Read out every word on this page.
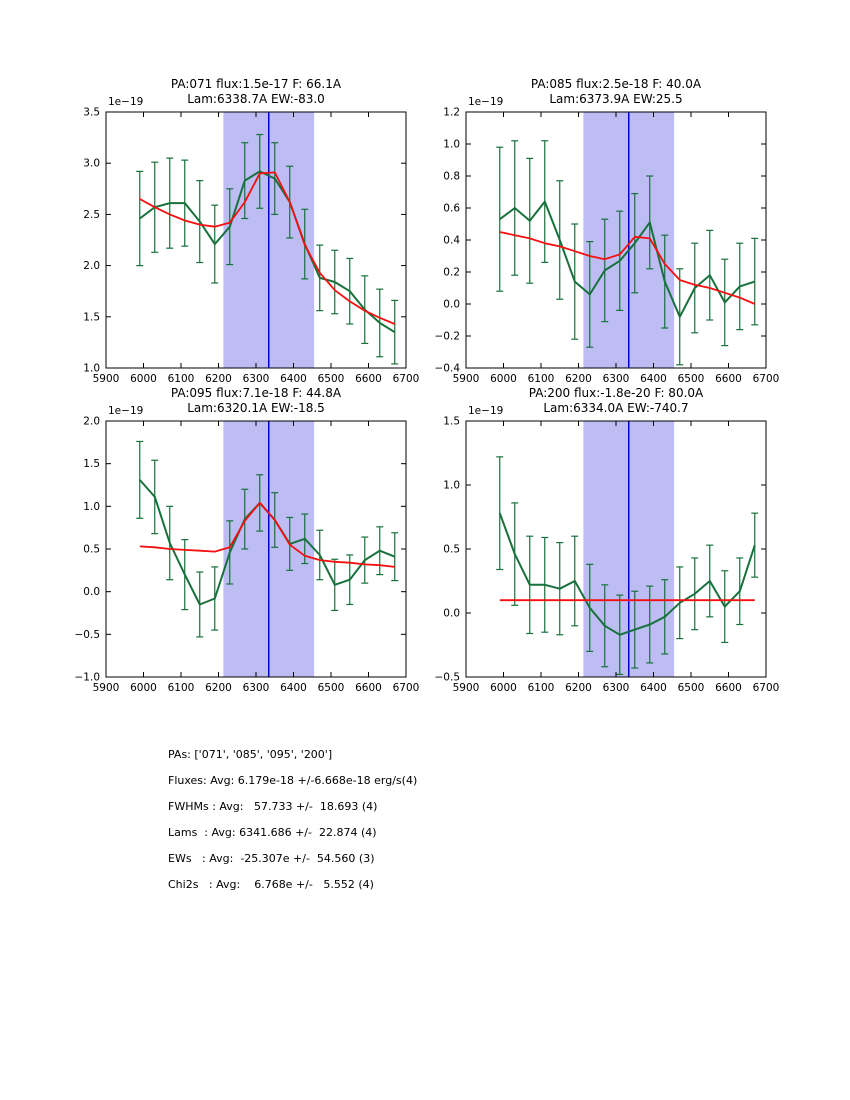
5900 6000 6100 6200 6300 6400 6500 6600 6700
1.0
1.5
2.0
2.5
3.0
3.5
PA:071 flux:1.5e-17 F: 66.1A
Lam:6338.7A EW:-83.0
1e−19
5900 6000 6100 6200 6300 6400 6500 6600 6700
−0.4
−0.2
0.0
0.2
0.4
0.6
0.8
1.0
1.2
PA:085 flux:2.5e-18 F: 40.0A
Lam:6373.9A EW:25.5
1e−19
5900 6000 6100 6200 6300 6400 6500 6600 6700
−1.0
−0.5
0.0
0.5
1.0
1.5
2.0
PA:095 flux:7.1e-18 F: 44.8A
Lam:6320.1A EW:-18.5
1e−19
5900 6000 6100 6200 6300 6400 6500 6600 6700
−0.5
0.0
0.5
1.0
1.5
PA:200 flux:-1.8e-20 F: 80.0A
Lam:6334.0A EW:-740.7
1e−19
PAs: ['071', '085', '095', '200']
Fluxes: Avg: 6.179e-18 +/-6.668e-18 erg/s(4)
FWHMs : Avg:   57.733 +/-  18.693 (4)
Lams  : Avg: 6341.686 +/-  22.874 (4)
EWs   : Avg:  -25.307e +/-  54.560 (3)
Chi2s   : Avg:    6.768e +/-   5.552 (4)
